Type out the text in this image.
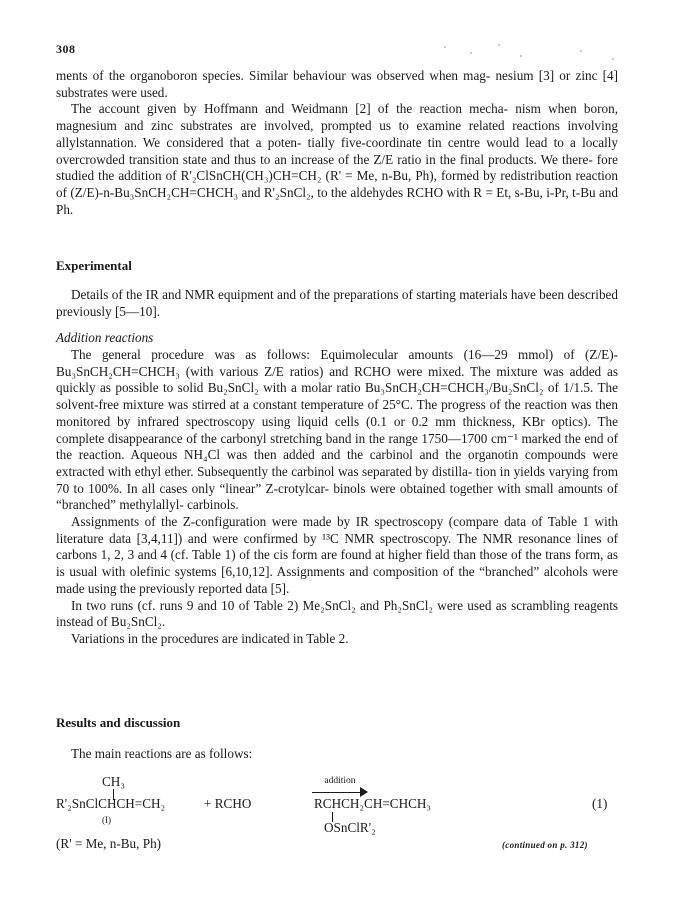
308

ments of the organoboron species. Similar behaviour was observed when mag- nesium [3] or zinc [4] substrates were used.

The account given by Hoffmann and Weidmann [2] of the reaction mecha- nism when boron, magnesium and zinc substrates are involved, prompted us to examine related reactions involving allylstannation. We considered that a poten- tially five-coordinate tin centre would lead to a locally overcrowded transition state and thus to an increase of the Z/E ratio in the final products. We there- fore studied the addition of R'₂ClSnCH(CH₃)CH=CH₂ (R' = Me, n-Bu, Ph), formed by redistribution reaction of (Z/E)-n-Bu₃SnCH₂CH=CHCH₃ and R'₂SnCl₂, to the aldehydes RCHO with R = Et, s-Bu, i-Pr, t-Bu and Ph.

Experimental

Details of the IR and NMR equipment and of the preparations of starting materials have been described previously [5—10].

Addition reactions

The general procedure was as follows: Equimolecular amounts (16—29 mmol) of (Z/E)-Bu₃SnCH₂CH=CHCH₃ (with various Z/E ratios) and RCHO were mixed. The mixture was added as quickly as possible to solid Bu₂SnCl₂ with a molar ratio Bu₃SnCH₂CH=CHCH₃/Bu₂SnCl₂ of 1/1.5. The solvent-free mixture was stirred at a constant temperature of 25°C. The progress of the reaction was then monitored by infrared spectroscopy using liquid cells (0.1 or 0.2 mm thickness, KBr optics). The complete disappearance of the carbonyl stretching band in the range 1750—1700 cm⁻¹ marked the end of the reaction. Aqueous NH₄Cl was then added and the carbinol and the organotin compounds were extracted with ethyl ether. Subsequently the carbinol was separated by distilla- tion in yields varying from 70 to 100%. In all cases only “linear” Z-crotylcar- binols were obtained together with small amounts of “branched” methylallyl- carbinols.

Assignments of the Z-configuration were made by IR spectroscopy (compare data of Table 1 with literature data [3,4,11]) and were confirmed by ¹³C NMR spectroscopy. The NMR resonance lines of carbons 1, 2, 3 and 4 (cf. Table 1) of the cis form are found at higher field than those of the trans form, as is usual with olefinic systems [6,10,12]. Assignments and composition of the “branched” alcohols were made using the previously reported data [5].

In two runs (cf. runs 9 and 10 of Table 2) Me₂SnCl₂ and Ph₂SnCl₂ were used as scrambling reagents instead of Bu₂SnCl₂.

Variations in the procedures are indicated in Table 2.

Results and discussion

The main reactions are as follows:

CH₃
R'₂SnClCHCH=CH₂	+ RCHO
addition
RCHCH₂CH=CHCH₃
OSnClR'₂
(I)
(1)
(R' = Me, n-Bu, Ph)	(continued on p. 312)
